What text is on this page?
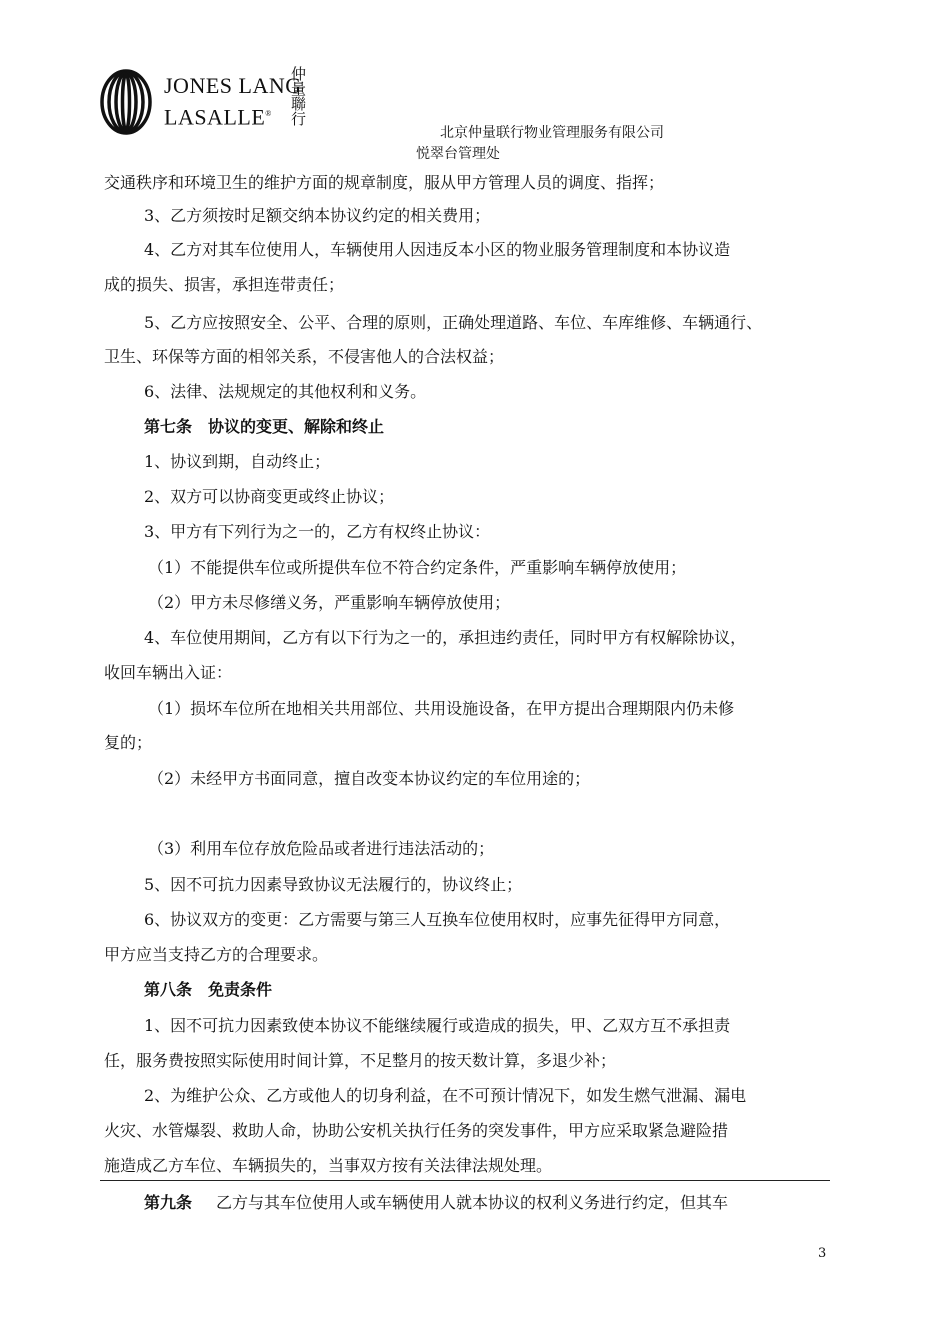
JONES LANG
LASALLE®	仲量聯行
北京仲量联行物业管理服务有限公司
悦翠台管理处
交通秩序和环境卫生的维护方面的规章制度，服从甲方管理人员的调度、指挥；
3、乙方须按时足额交纳本协议约定的相关费用；
4、乙方对其车位使用人，车辆使用人因违反本小区的物业服务管理制度和本协议造
成的损失、损害，承担连带责任；
5、乙方应按照安全、公平、合理的原则，正确处理道路、车位、车库维修、车辆通行、
卫生、环保等方面的相邻关系，不侵害他人的合法权益；
6、法律、法规规定的其他权利和义务。
第七条　协议的变更、解除和终止
1、协议到期，自动终止；
2、双方可以协商变更或终止协议；
3、甲方有下列行为之一的，乙方有权终止协议：
（1）不能提供车位或所提供车位不符合约定条件，严重影响车辆停放使用；
（2）甲方未尽修缮义务，严重影响车辆停放使用；
4、车位使用期间，乙方有以下行为之一的，承担违约责任，同时甲方有权解除协议，
收回车辆出入证：
（1）损坏车位所在地相关共用部位、共用设施设备，在甲方提出合理期限内仍未修
复的；
（2）未经甲方书面同意，擅自改变本协议约定的车位用途的；
（3）利用车位存放危险品或者进行违法活动的；
5、因不可抗力因素导致协议无法履行的，协议终止；
6、协议双方的变更：乙方需要与第三人互换车位使用权时，应事先征得甲方同意，
甲方应当支持乙方的合理要求。
第八条　免责条件
1、因不可抗力因素致使本协议不能继续履行或造成的损失，甲、乙双方互不承担责
任，服务费按照实际使用时间计算，不足整月的按天数计算，多退少补；
2、为维护公众、乙方或他人的切身利益，在不可预计情况下，如发生燃气泄漏、漏电
火灾、水管爆裂、救助人命，协助公安机关执行任务的突发事件，甲方应采取紧急避险措
施造成乙方车位、车辆损失的，当事双方按有关法律法规处理。
第九条 乙方与其车位使用人或车辆使用人就本协议的权利义务进行约定，但其车
3
